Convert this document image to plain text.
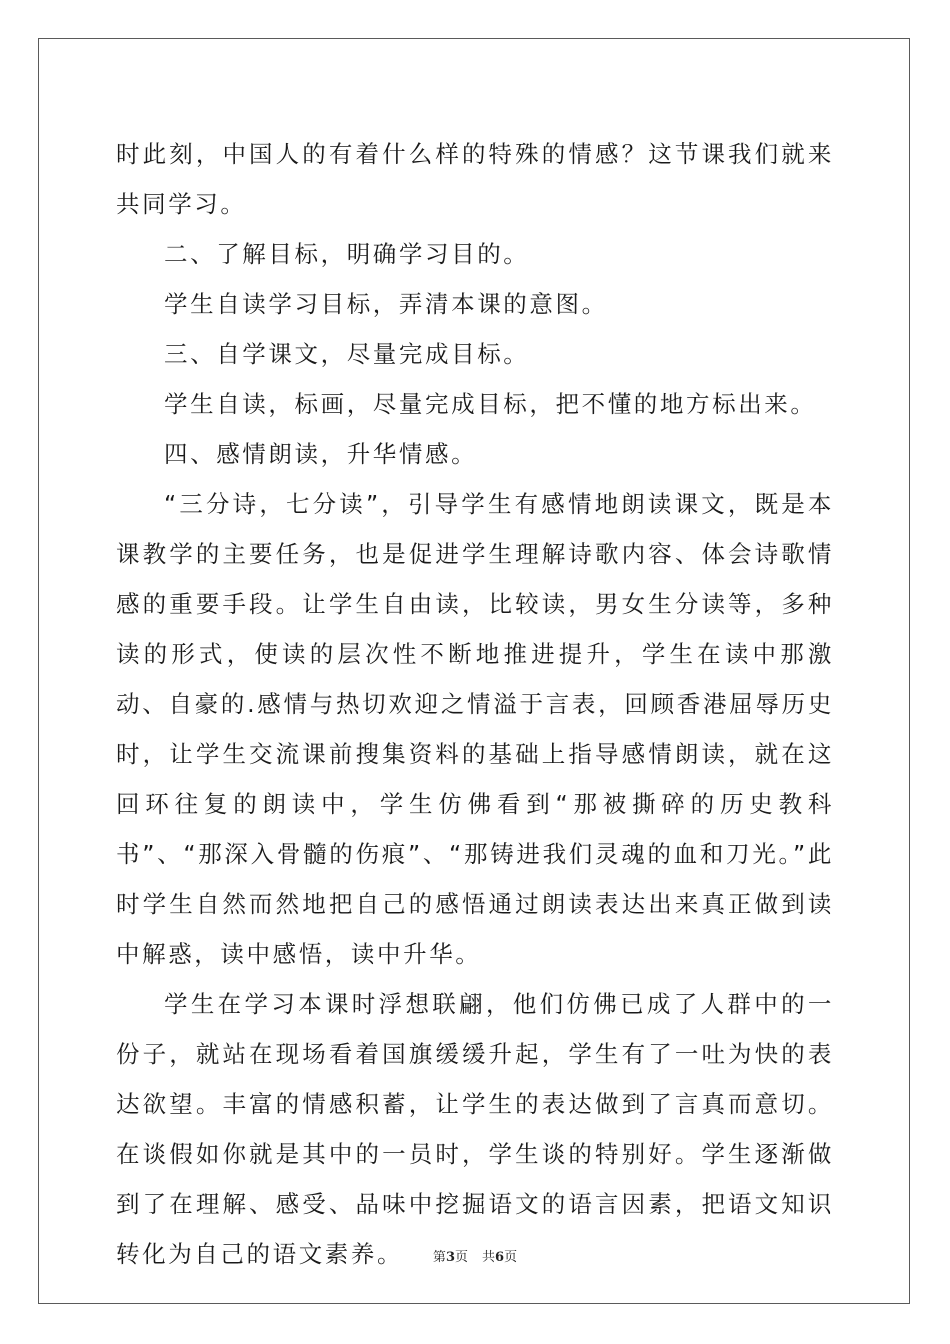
时此刻，中国人的有着什么样的特殊的情感？这节课我们就来共同学习。

二、了解目标，明确学习目的。

学生自读学习目标，弄清本课的意图。

三、自学课文，尽量完成目标。

学生自读，标画，尽量完成目标，把不懂的地方标出来。

四、感情朗读，升华情感。

“三分诗，七分读”，引导学生有感情地朗读课文，既是本课教学的主要任务，也是促进学生理解诗歌内容、体会诗歌情感的重要手段。让学生自由读，比较读，男女生分读等，多种读的形式，使读的层次性不断地推进提升，学生在读中那激动、自豪的.感情与热切欢迎之情溢于言表，回顾香港屈辱历史时，让学生交流课前搜集资料的基础上指导感情朗读，就在这回环往复的朗读中，学生仿佛看到“那被撕碎的历史教科书”、“那深入骨髓的伤痕”、“那铸进我们灵魂的血和刀光。”此时学生自然而然地把自己的感悟通过朗读表达出来真正做到读中解惑，读中感悟，读中升华。

学生在学习本课时浮想联翩，他们仿佛已成了人群中的一份子，就站在现场看着国旗缓缓升起，学生有了一吐为快的表达欲望。丰富的情感积蓄，让学生的表达做到了言真而意切。在谈假如你就是其中的一员时，学生谈的特别好。学生逐渐做到了在理解、感受、品味中挖掘语文的语言因素，把语文知识转化为自己的语文素养。	第3页 共6页
